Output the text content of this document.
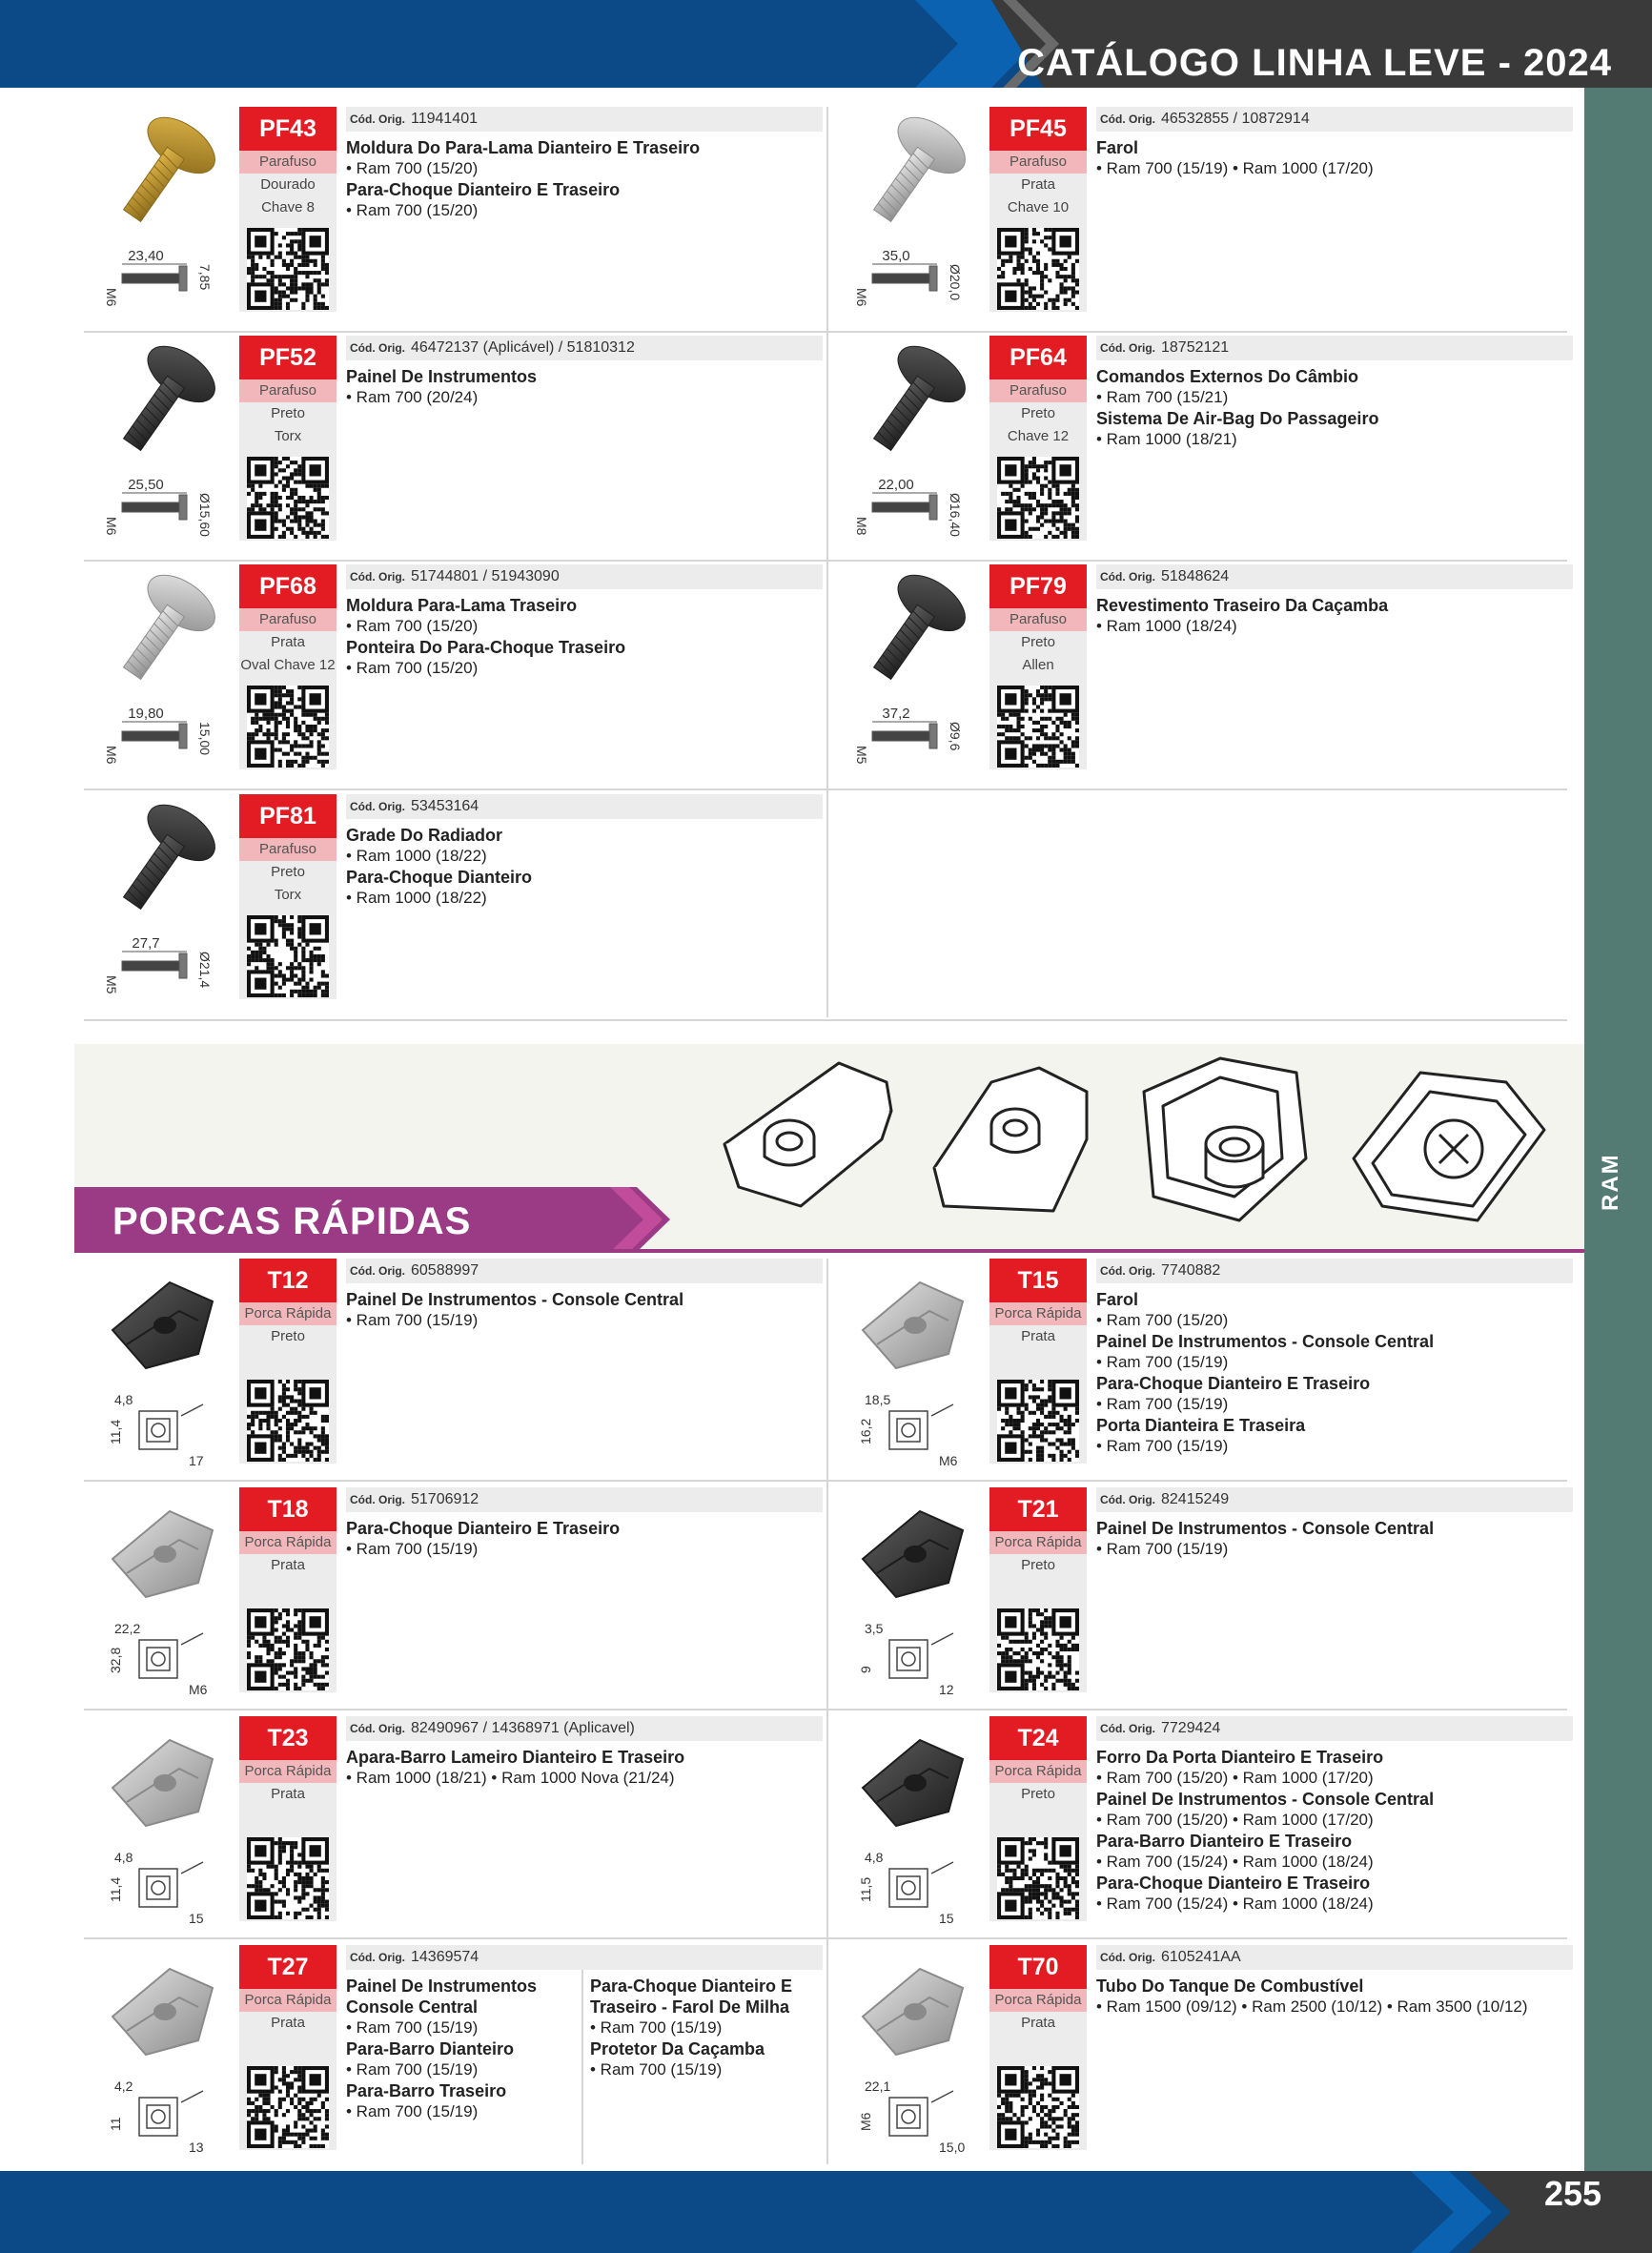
CATÁLOGO LINHA LEVE - 2024
RAM
PORCAS RÁPIDAS
23,40
M6
7,85
PF43
Parafuso
Dourado
Chave 8
Cód. Orig. 11941401
Moldura Do Para-Lama Dianteiro E Traseiro
• Ram 700 (15/20)
Para-Choque Dianteiro E Traseiro
• Ram 700 (15/20)
35,0
M6	Ø20,0
PF45
Parafuso
Prata
Chave 10
Cód. Orig. 46532855 / 10872914
Farol
• Ram 700 (15/19) • Ram 1000 (17/20)
25,50
M6	Ø15,60
PF52
Parafuso
Preto
Torx
Cód. Orig. 46472137 (Aplicável) / 51810312
Painel De Instrumentos
• Ram 700 (20/24)
22,00
M8	Ø16,40
PF64
Parafuso
Preto
Chave 12
Cód. Orig. 18752121
Comandos Externos Do Câmbio
• Ram 700 (15/21)
Sistema De Air-Bag Do Passageiro
• Ram 1000 (18/21)
19,80
M6	15,00
PF68
Parafuso
Prata
Oval Chave 12
Cód. Orig. 51744801 / 51943090
Moldura Para-Lama Traseiro
• Ram 700 (15/20)
Ponteira Do Para-Choque Traseiro
• Ram 700 (15/20)
37,2
M5
Ø9,6
PF79
Parafuso
Preto
Allen
Cód. Orig. 51848624
Revestimento Traseiro Da Caçamba
• Ram 1000 (18/24)
27,7
M5	Ø21,4
PF81
Parafuso
Preto
Torx
Cód. Orig. 53453164
Grade Do Radiador
• Ram 1000 (18/22)
Para-Choque Dianteiro
• Ram 1000 (18/22)
4,8
11,4
17
T12
Porca Rápida
Preto
Cód. Orig. 60588997
Painel De Instrumentos - Console Central
• Ram 700 (15/19)
18,5
16,2
M6
T15
Porca Rápida
Prata
Cód. Orig. 7740882
Farol
• Ram 700 (15/20)
Painel De Instrumentos - Console Central
• Ram 700 (15/19)
Para-Choque Dianteiro E Traseiro
• Ram 700 (15/19)
Porta Dianteira E Traseira
• Ram 700 (15/19)
22,2
32,8
M6
T18
Porca Rápida
Prata
Cód. Orig. 51706912
Para-Choque Dianteiro E Traseiro
• Ram 700 (15/19)
3,5
9
12
T21
Porca Rápida
Preto
Cód. Orig. 82415249
Painel De Instrumentos - Console Central
• Ram 700 (15/19)
4,8
11,4
15
T23
Porca Rápida
Prata
Cód. Orig. 82490967 / 14368971 (Aplicavel)
Apara-Barro Lameiro Dianteiro E Traseiro
• Ram 1000 (18/21) • Ram 1000 Nova (21/24)
4,8
11,5
15
T24
Porca Rápida
Preto
Cód. Orig. 7729424
Forro Da Porta Dianteiro E Traseiro
• Ram 700 (15/20) • Ram 1000 (17/20)
Painel De Instrumentos - Console Central
• Ram 700 (15/20) • Ram 1000 (17/20)
Para-Barro Dianteiro E Traseiro
• Ram 700 (15/24) • Ram 1000 (18/24)
Para-Choque Dianteiro E Traseiro
• Ram 700 (15/24) • Ram 1000 (18/24)
4,2
11
13
T27
Porca Rápida
Prata
Cód. Orig. 14369574
Painel De Instrumentos
Console Central
• Ram 700 (15/19)
Para-Barro Dianteiro
• Ram 700 (15/19)
Para-Barro Traseiro
• Ram 700 (15/19)
Para-Choque Dianteiro E
Traseiro - Farol De Milha
• Ram 700 (15/19)
Protetor Da Caçamba
• Ram 700 (15/19)
22,1
M6
15,0
T70
Porca Rápida
Prata
Cód. Orig. 6105241AA
Tubo Do Tanque De Combustível
• Ram 1500 (09/12) • Ram 2500 (10/12) • Ram 3500 (10/12)
255
